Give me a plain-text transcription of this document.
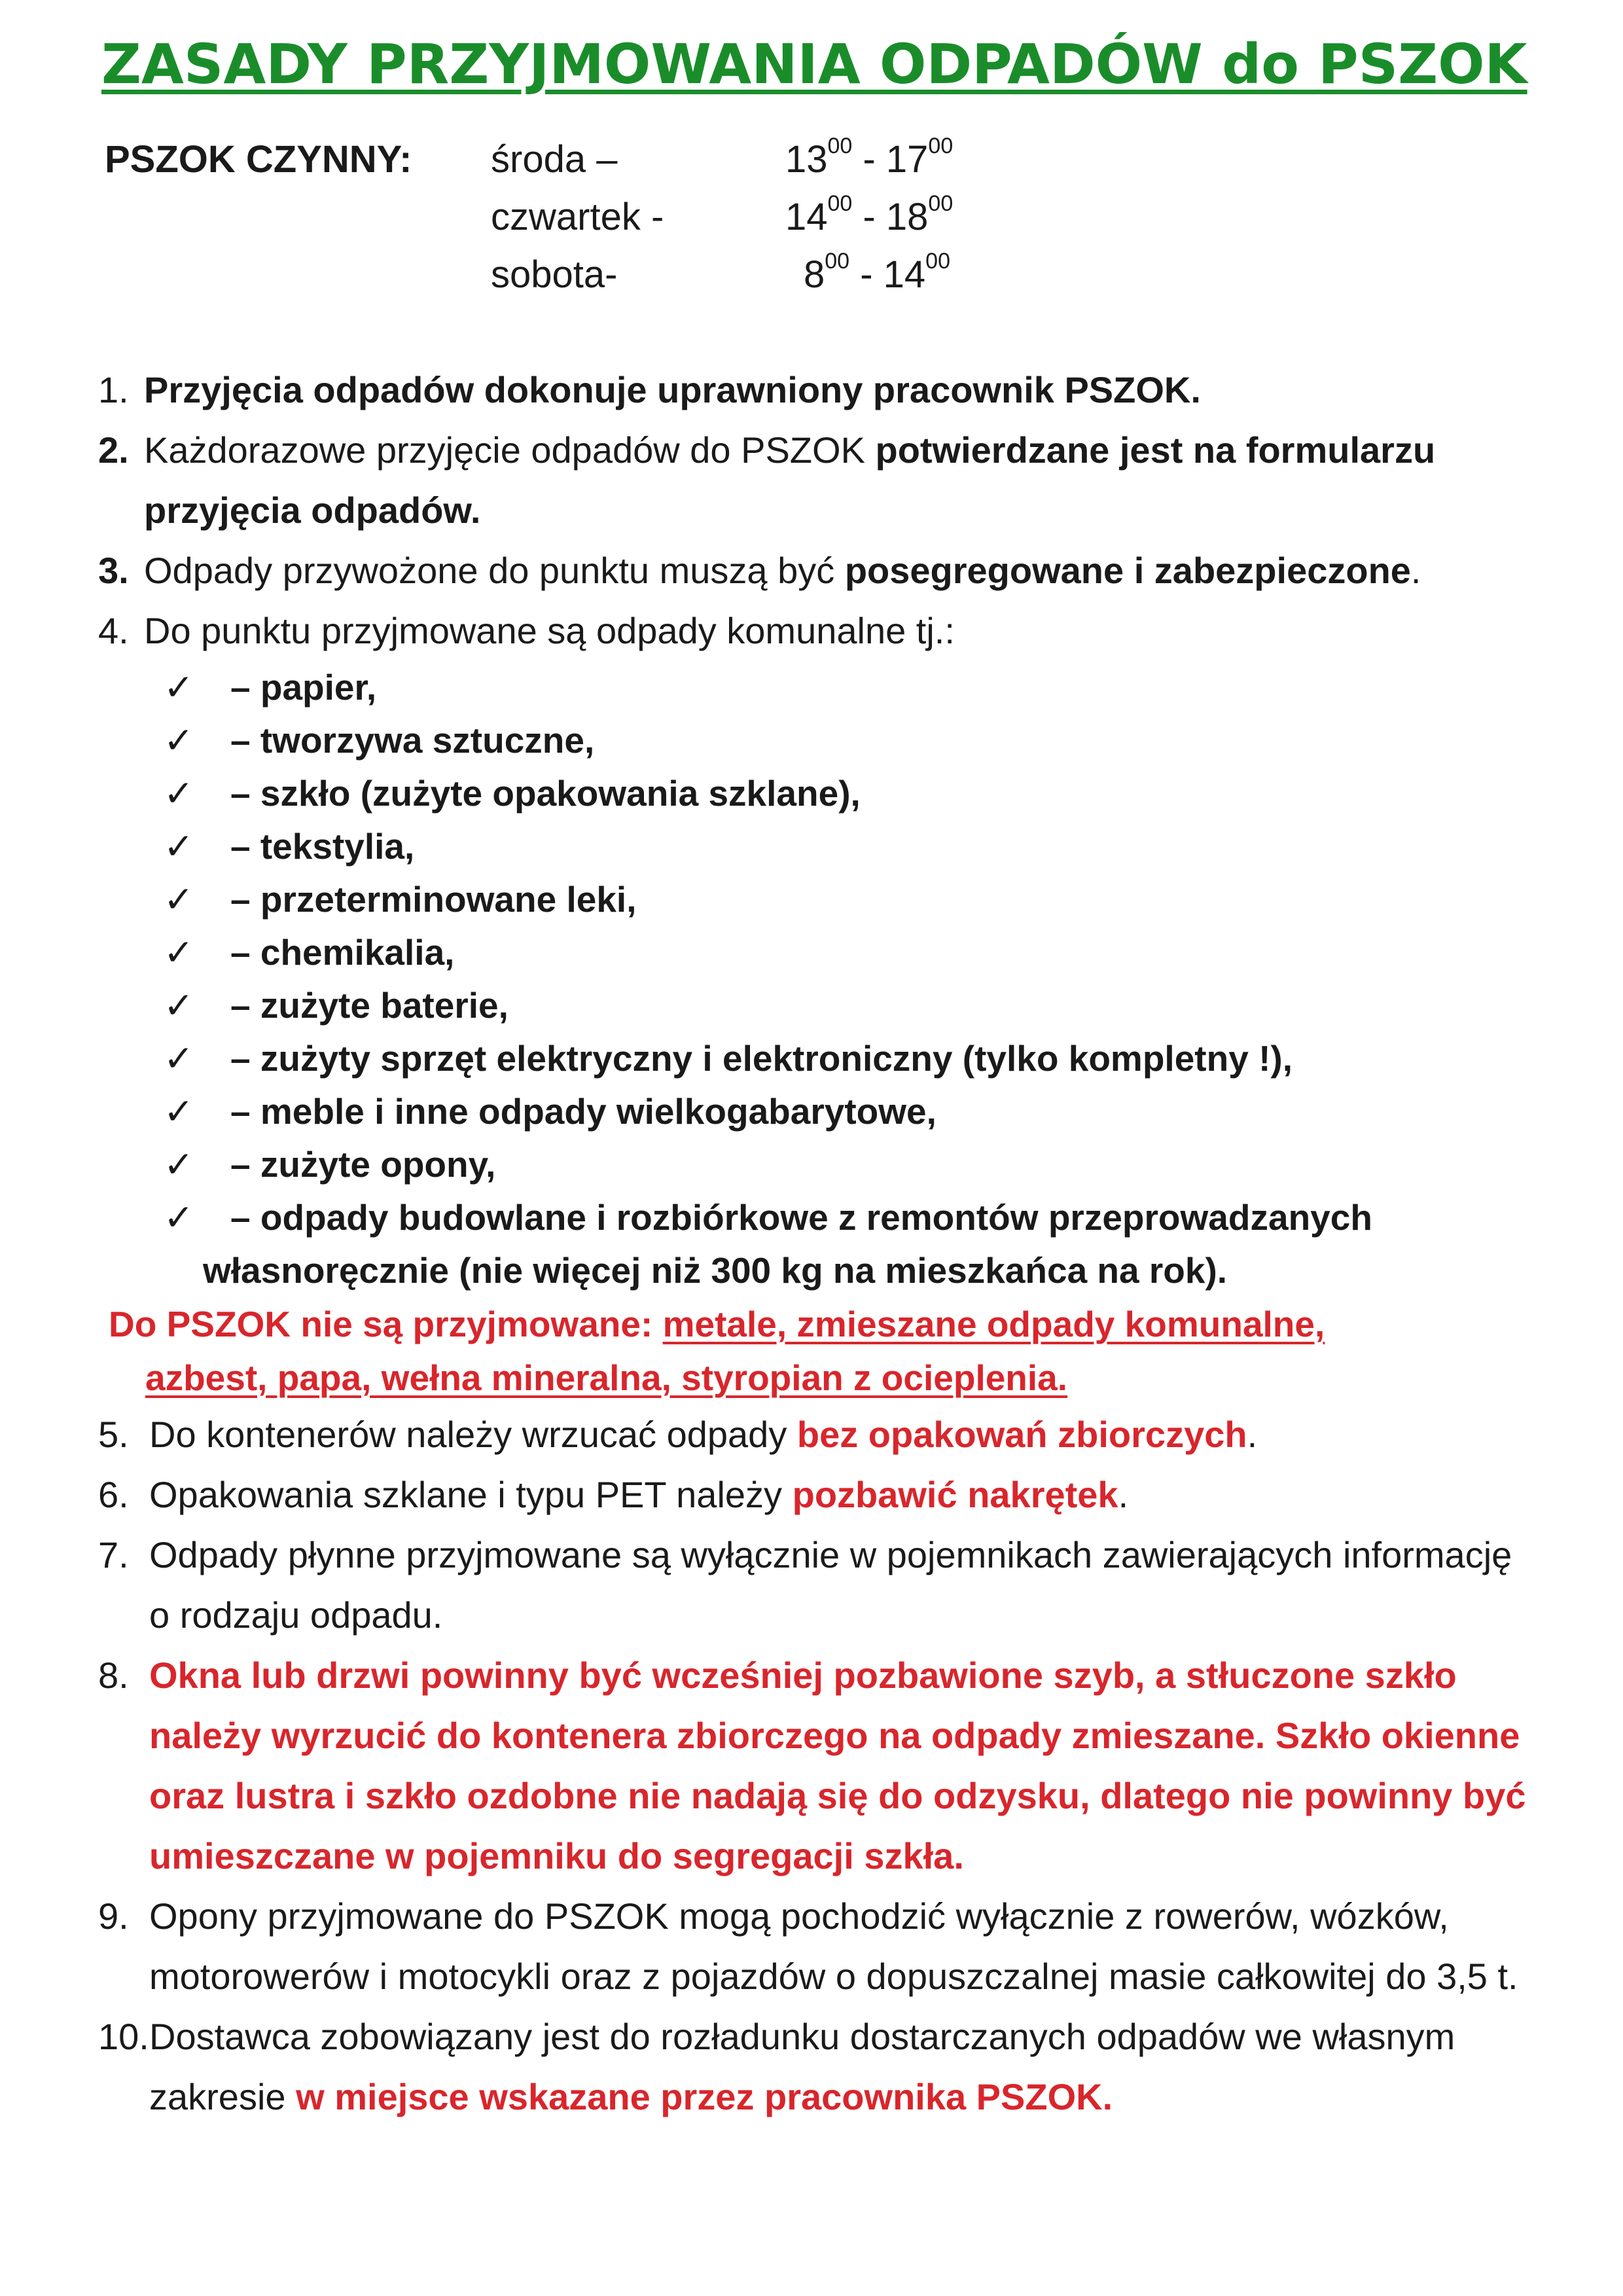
ZASADY PRZYJMOWANIA ODPADÓW do PSZOK
PSZOK CZYNNY: środa –	$13^{00} - 17^{00}$
czwartek -	$14^{00} - 18^{00}$
sobota-	$8^{00} - 14^{00}$
1. Przyjęcia odpadów dokonuje uprawniony pracownik PSZOK.
2. Każdorazowe przyjęcie odpadów do PSZOK potwierdzane jest na formularzu przyjęcia odpadów.
3. Odpady przywożone do punktu muszą być posegregowane i zabezpieczone.
4. Do punktu przyjmowane są odpady komunalne tj.:
✓ – papier,
✓ – tworzywa sztuczne,
✓ – szkło (zużyte opakowania szklane),
✓ – tekstylia,
✓ – przeterminowane leki,
✓ – chemikalia,
✓ – zużyte baterie,
✓ – zużyty sprzęt elektryczny i elektroniczny (tylko kompletny !),
✓ – meble i inne odpady wielkogabarytowe,
✓ – zużyte opony,
✓ – odpady budowlane i rozbiórkowe z remontów przeprowadzanych
własnoręcznie (nie więcej niż 300 kg na mieszkańca na rok).
Do PSZOK nie są przyjmowane: metale, zmieszane odpady komunalne,
azbest, papa, wełna mineralna, styropian z ocieplenia.
5. Do kontenerów należy wrzucać odpady bez opakowań zbiorczych.
6. Opakowania szklane i typu PET należy pozbawić nakrętek.
7. Odpady płynne przyjmowane są wyłącznie w pojemnikach zawierających informację o rodzaju odpadu.
8. Okna lub drzwi powinny być wcześniej pozbawione szyb, a stłuczone szkło należy wyrzucić do kontenera zbiorczego na odpady zmieszane. Szkło okienne oraz lustra i szkło ozdobne nie nadają się do odzysku, dlatego nie powinny być umieszczane w pojemniku do segregacji szkła.
9. Opony przyjmowane do PSZOK mogą pochodzić wyłącznie z rowerów, wózków, motorowerów i motocykli oraz z pojazdów o dopuszczalnej masie całkowitej do 3,5 t.
10. Dostawca zobowiązany jest do rozładunku dostarczanych odpadów we własnym zakresie w miejsce wskazane przez pracownika PSZOK.
